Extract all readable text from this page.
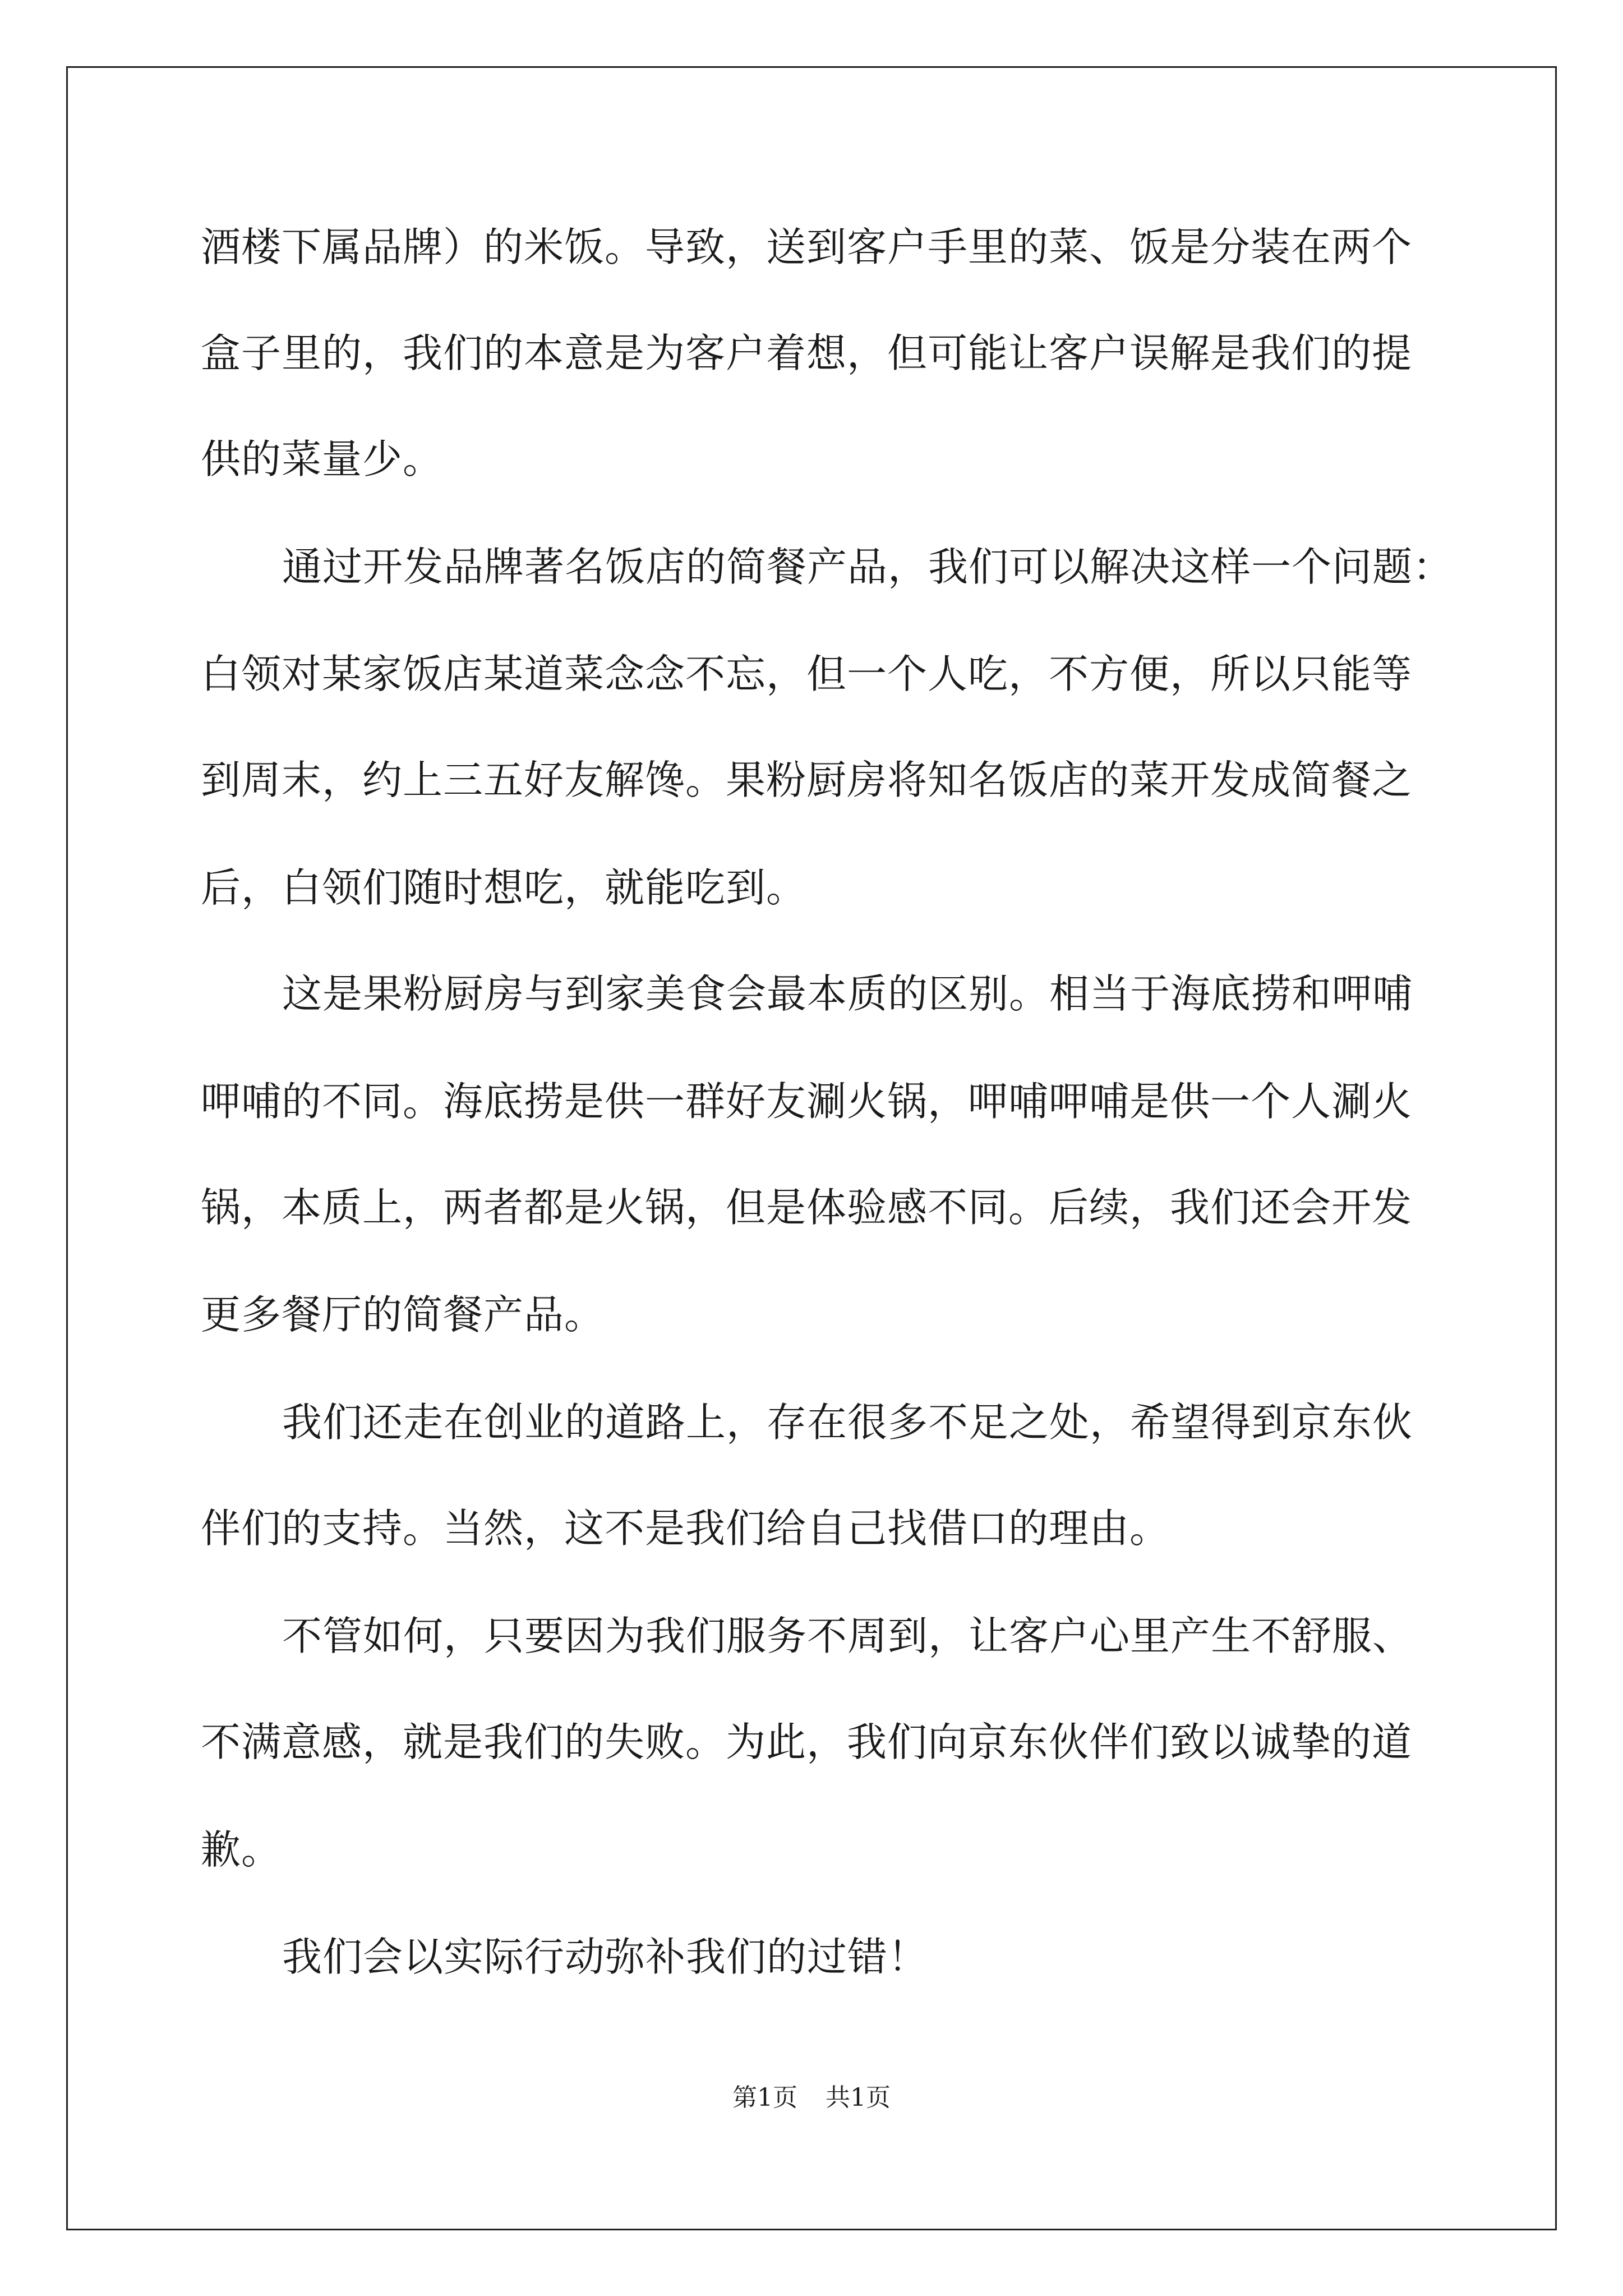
酒楼下属品牌）的米饭。导致，送到客户手里的菜、饭是分装在两个
盒子里的，我们的本意是为客户着想，但可能让客户误解是我们的提
供的菜量少。
通过开发品牌著名饭店的简餐产品，我们可以解决这样一个问题：
白领对某家饭店某道菜念念不忘，但一个人吃，不方便，所以只能等
到周末，约上三五好友解馋。果粉厨房将知名饭店的菜开发成简餐之
后，白领们随时想吃，就能吃到。
这是果粉厨房与到家美食会最本质的区别。相当于海底捞和呷哺
呷哺的不同。海底捞是供一群好友涮火锅，呷哺呷哺是供一个人涮火
锅，本质上，两者都是火锅，但是体验感不同。后续，我们还会开发
更多餐厅的简餐产品。
我们还走在创业的道路上，存在很多不足之处，希望得到京东伙
伴们的支持。当然，这不是我们给自己找借口的理由。
不管如何，只要因为我们服务不周到，让客户心里产生不舒服、
不满意感，就是我们的失败。为此，我们向京东伙伴们致以诚挚的道
歉。
我们会以实际行动弥补我们的过错！
第1页 共1页
